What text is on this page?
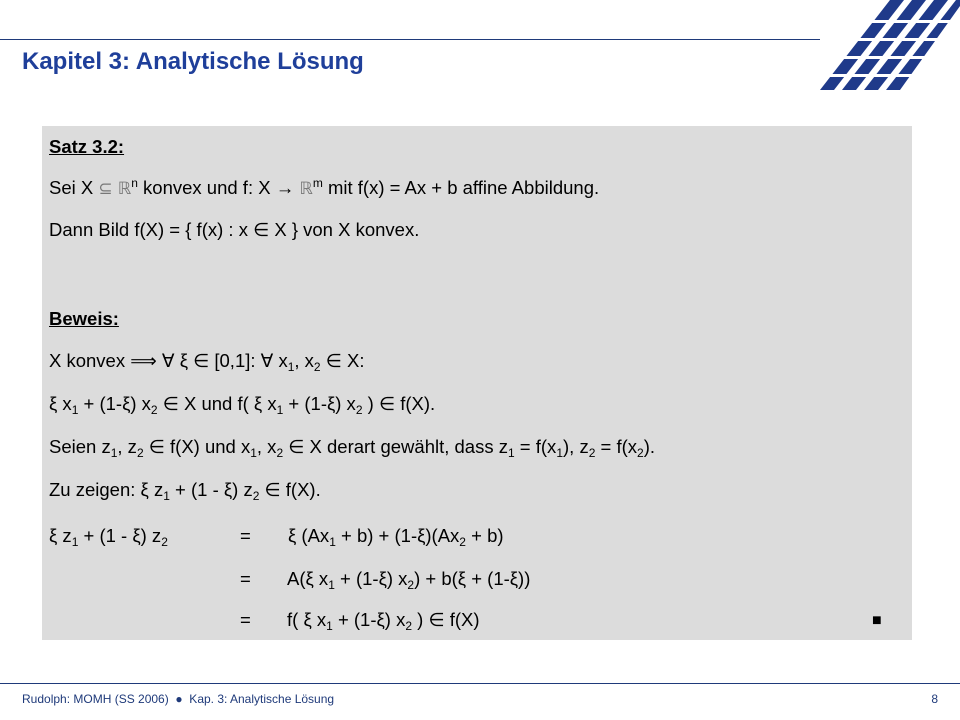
Kapitel 3: Analytische Lösung
Satz 3.2:
Sei X ⊆ ℝ$^n$ konvex und f: X → ℝ$^m$ mit f(x) = Ax + b affine Abbildung.
Dann Bild f(X) = { f(x) : x ∈ X } von X konvex.
Beweis:
X konvex ⟹ ∀ ξ ∈ [0,1]: ∀ $x_1$, $x_2$ ∈ X:
ξ $x_1 + (1-\xi)$ $x_2$ ∈ X und f( ξ $x_1 + (1-\xi)$ $x_2$ ) ∈ f(X).
Seien $z_1$, $z_2$ ∈ f(X) und $x_1$, $x_2$ ∈ X derart gewählt, dass $z_1 = f(x_1)$, $z_2 = f(x_2)$.
Zu zeigen: ξ $z_1 + (1 - \xi)$ $z_2$ ∈ f(X).
ξ $z_1 + (1 - \xi)$ $z_2$	= ξ $(Ax_1 + b) + (1-\xi)(Ax_2 + b)$
= A(ξ $x_1 + (1-\xi) x_2) + b(\xi + (1-\xi))$
= f( ξ $x_1 + (1-\xi)$ $x_2$ ) ∈ f(X)	■
Rudolph: MOMH (SS 2006)  ●  Kap. 3: Analytische Lösung	8
